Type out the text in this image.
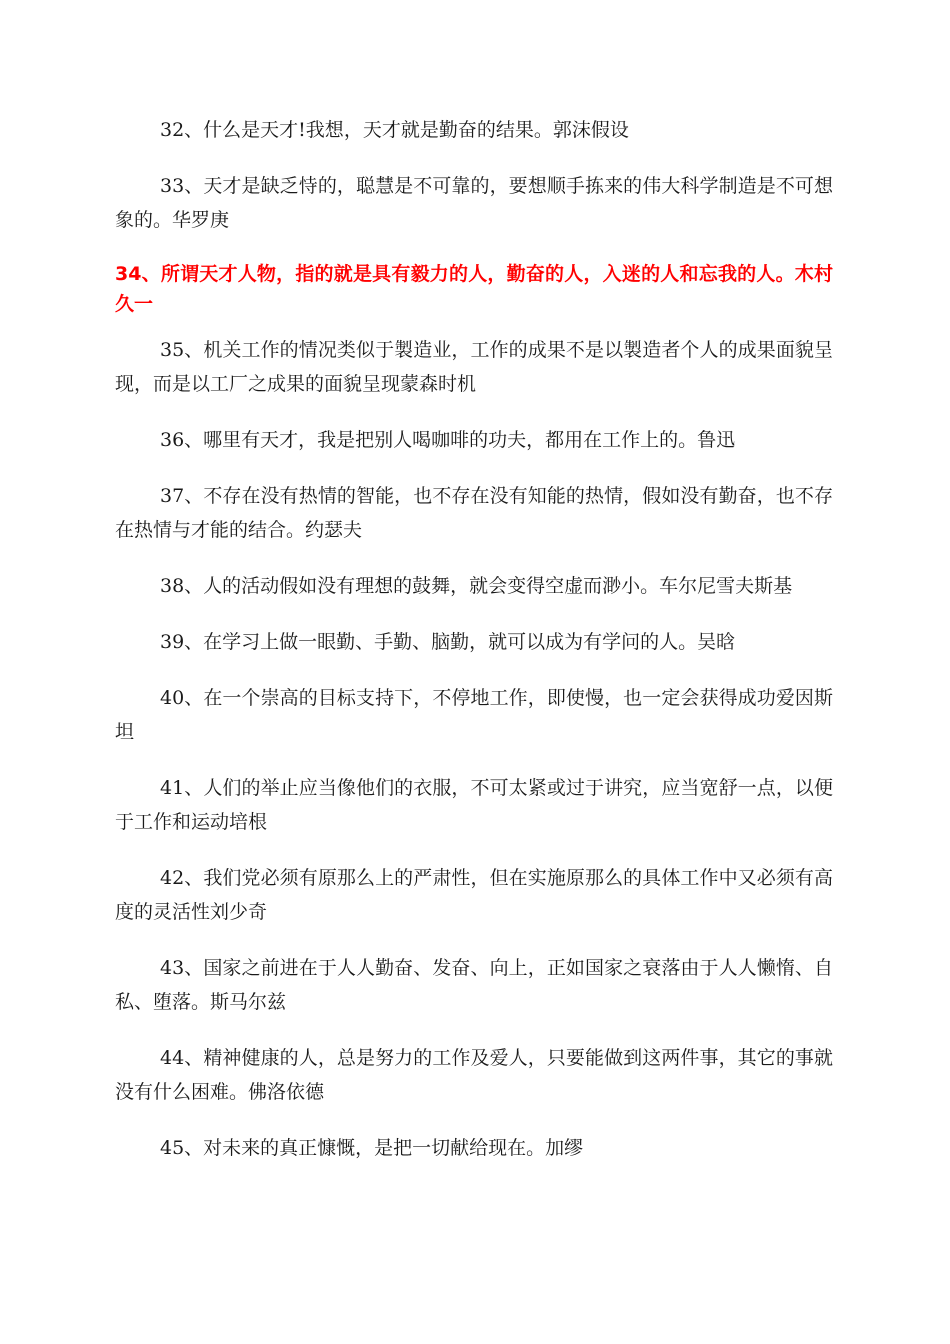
32、什么是天才!我想，天才就是勤奋的结果。郭沫假设

33、天才是缺乏恃的，聪慧是不可靠的，要想顺手拣来的伟大科学制造是不可想象的。华罗庚

34、所谓天才人物，指的就是具有毅力的人，勤奋的人，入迷的人和忘我的人。木村久一

35、机关工作的情况类似于製造业，工作的成果不是以製造者个人的成果面貌呈现，而是以工厂之成果的面貌呈现蒙森时机

36、哪里有天才，我是把别人喝咖啡的功夫，都用在工作上的。鲁迅

37、不存在没有热情的智能，也不存在没有知能的热情，假如没有勤奋，也不存在热情与才能的结合。约瑟夫

38、人的活动假如没有理想的鼓舞，就会变得空虚而渺小。车尔尼雪夫斯基

39、在学习上做一眼勤、手勤、脑勤，就可以成为有学问的人。吴晗

40、在一个崇高的目标支持下，不停地工作，即使慢，也一定会获得成功爱因斯坦

41、人们的举止应当像他们的衣服，不可太紧或过于讲究，应当宽舒一点，以便于工作和运动培根

42、我们党必须有原那么上的严肃性，但在实施原那么的具体工作中又必须有高度的灵活性刘少奇

43、国家之前进在于人人勤奋、发奋、向上，正如国家之衰落由于人人懒惰、自私、堕落。斯马尔兹

44、精神健康的人，总是努力的工作及爱人，只要能做到这两件事，其它的事就没有什么困难。佛洛依德

45、对未来的真正慷慨，是把一切献给现在。加缪
